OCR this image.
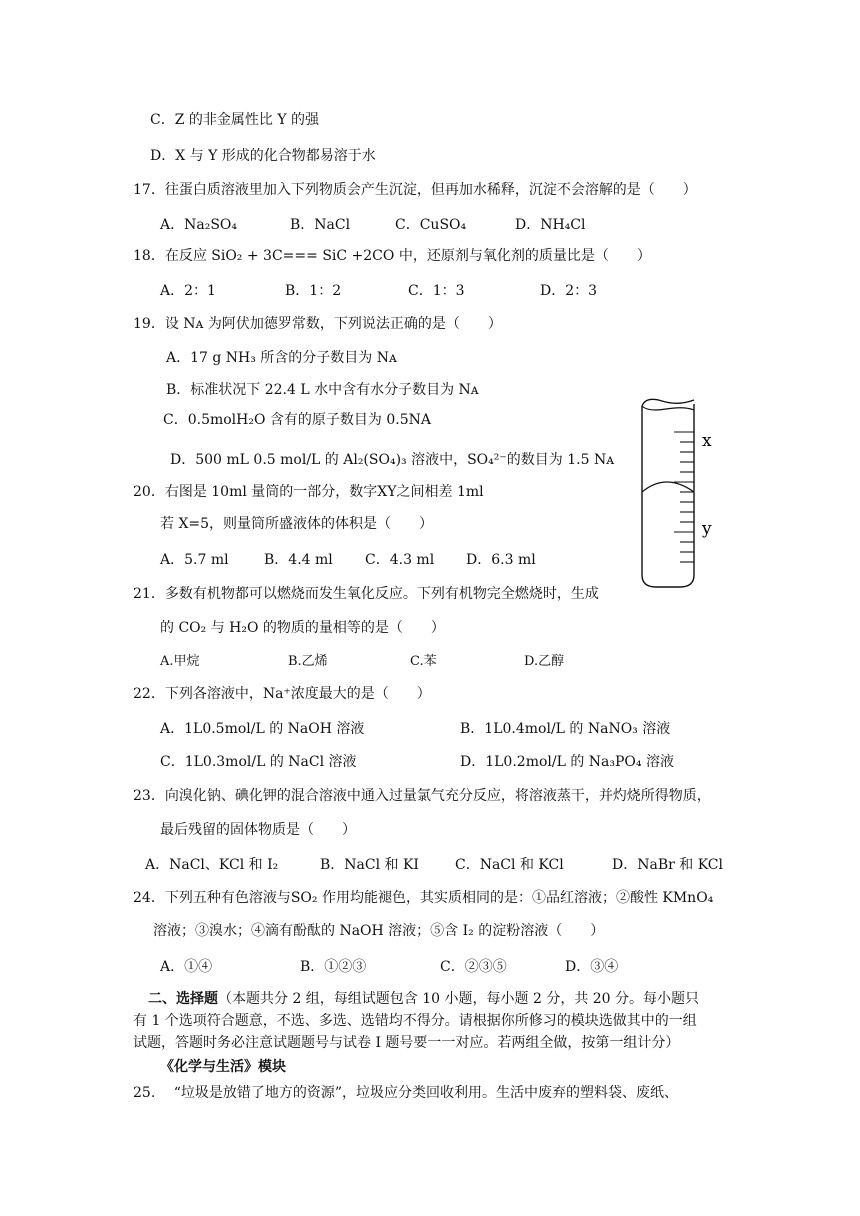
C．Z 的非金属性比 Y 的强
D．X 与 Y 形成的化合物都易溶于水
17．往蛋白质溶液里加入下列物质会产生沉淀，但再加水稀释，沉淀不会溶解的是（　　）
A．Na₂SO₄	B．NaCl	C．CuSO₄	D．NH₄Cl
18．在反应 SiO₂ + 3C=== SiC +2CO 中，还原剂与氧化剂的质量比是（　　）
A．2：1	B．1：2	C．1：3	D．2：3
19．设 Nᴀ 为阿伏加德罗常数，下列说法正确的是（　　）
A．17 g NH₃ 所含的分子数目为 Nᴀ
B．标准状况下 22.4 L 水中含有水分子数目为 Nᴀ
C．0.5molH₂O 含有的原子数目为 0.5NA
D．500 mL 0.5 mol/L 的 Al₂(SO₄)₃ 溶液中，SO₄²⁻的数目为 1.5 Nᴀ
x
y
20．右图是 10ml 量筒的一部分，数字XY之间相差 1ml
若 X=5，则量筒所盛液体的体积是（　　）
A．5.7 ml	B．4.4 ml C．4.3 ml D．6.3 ml
21．多数有机物都可以燃烧而发生氧化反应。下列有机物完全燃烧时，生成
的 CO₂ 与 H₂O 的物质的量相等的是（　　）
A.甲烷	B.乙烯	C.苯	D.乙醇
22．下列各溶液中，Na⁺浓度最大的是（　　）
A．1L0.5mol/L 的 NaOH 溶液	B．1L0.4mol/L 的 NaNO₃ 溶液
C．1L0.3mol/L 的 NaCl 溶液	D．1L0.2mol/L 的 Na₃PO₄ 溶液
23．向溴化钠、碘化钾的混合溶液中通入过量氯气充分反应，将溶液蒸干，并灼烧所得物质，
最后残留的固体物质是（　　）
A．NaCl、KCl 和 I₂	B．NaCl 和 KI	C．NaCl 和 KCl	D．NaBr 和 KCl
24．下列五种有色溶液与SO₂ 作用均能褪色，其实质相同的是：①品红溶液；②酸性 KMnO₄
溶液；③溴水；④滴有酚酞的 NaOH 溶液；⑤含 I₂ 的淀粉溶液（　　）
A．①④	B．①②③	C．②③⑤	D．③④
二、选择题（本题共分 2 组，每组试题包含 10 小题，每小题 2 分，共 20 分。每小题只
有 1 个选项符合题意，不选、多选、选错均不得分。请根据你所修习的模块选做其中的一组
试题，答题时务必注意试题题号与试卷 I 题号要一一对应。若两组全做，按第一组计分）
《化学与生活》模块
25.　 “垃圾是放错了地方的资源”，垃圾应分类回收利用。生活中废弃的塑料袋、废纸、
